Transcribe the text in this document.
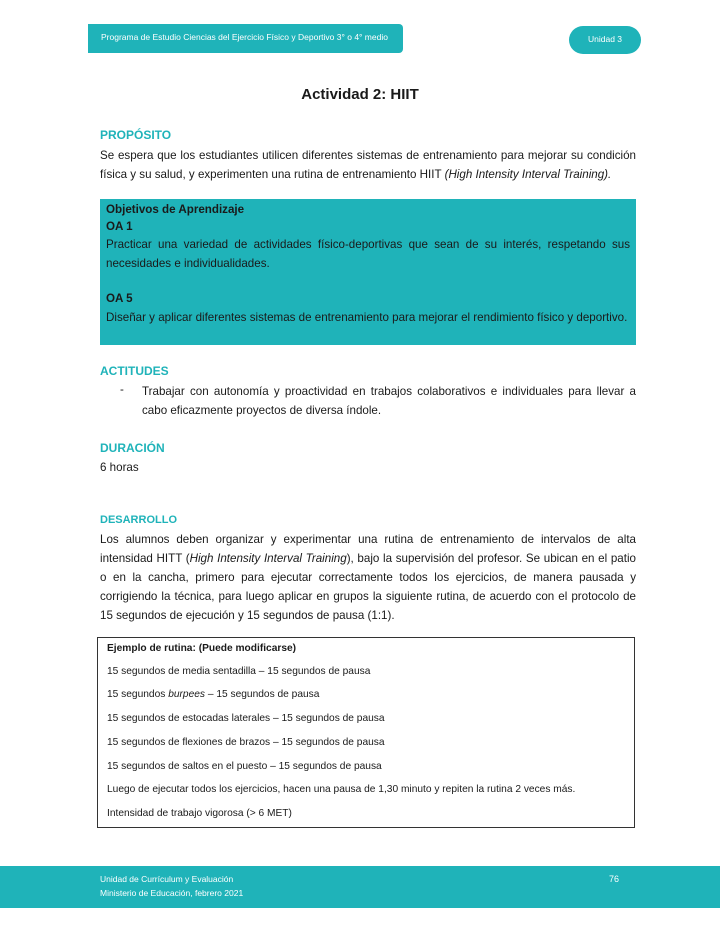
Programa de Estudio Ciencias del Ejercicio Físico y Deportivo 3° o 4° medio	Unidad 3
Actividad 2: HIIT
PROPÓSITO
Se espera que los estudiantes utilicen diferentes sistemas de entrenamiento para mejorar su condición física y su salud, y experimenten una rutina de entrenamiento HIIT (High Intensity Interval Training).
Objetivos de Aprendizaje
OA 1
Practicar una variedad de actividades físico-deportivas que sean de su interés, respetando sus necesidades e individualidades.
OA 5
Diseñar y aplicar diferentes sistemas de entrenamiento para mejorar el rendimiento físico y deportivo.
ACTITUDES
- Trabajar con autonomía y proactividad en trabajos colaborativos e individuales para llevar a cabo eficazmente proyectos de diversa índole.
DURACIÓN
6 horas
DESARROLLO
Los alumnos deben organizar y experimentar una rutina de entrenamiento de intervalos de alta intensidad HITT (High Intensity Interval Training), bajo la supervisión del profesor. Se ubican en el patio o en la cancha, primero para ejecutar correctamente todos los ejercicios, de manera pausada y corrigiendo la técnica, para luego aplicar en grupos la siguiente rutina, de acuerdo con el protocolo de 15 segundos de ejecución y 15 segundos de pausa (1:1).
Ejemplo de rutina: (Puede modificarse)
15 segundos de media sentadilla – 15 segundos de pausa
15 segundos burpees – 15 segundos de pausa
15 segundos de estocadas laterales – 15 segundos de pausa
15 segundos de flexiones de brazos – 15 segundos de pausa
15 segundos de saltos en el puesto – 15 segundos de pausa
Luego de ejecutar todos los ejercicios, hacen una pausa de 1,30 minuto y repiten la rutina 2 veces más.
Intensidad de trabajo vigorosa (> 6 MET)
Unidad de Currículum y Evaluación
Ministerio de Educación, febrero 2021
76
